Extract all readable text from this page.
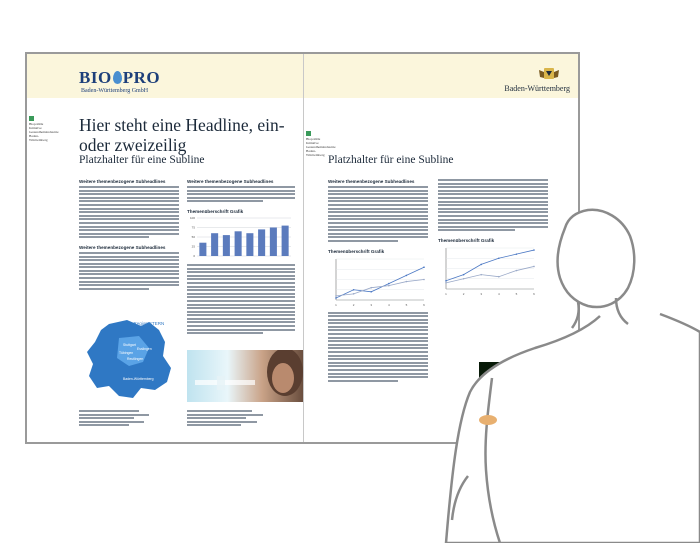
BIO PRO
Baden-Württemberg GmbH
Biopolitik
Initiative
Gesundheitsindustrie
Baden-Württemberg
Hier steht eine Headline, ein- oder zweizeilig
Platzhalter für eine Subline
Weitere themenbezogene Subheadlines
Weitere themenbezogene Subheadlines
Weitere themenbezogene Subheadlines
Themenüberschrift Grafik
0
25
50
75
100
BioRegion STERN
Stuttgart
Tübingen
Reutlingen
Esslingen
Baden-Württemberg
Baden-Württemberg
Biopolitik
Initiative
Gesundheitsindustrie
Baden-Württemberg Platzhalter für eine Subline
Weitere themenbezogene Subheadlines
Themenüberschrift Grafik
1	2	3	4	5	6
Themenüberschrift Grafik
1	2	3	4	5	6
